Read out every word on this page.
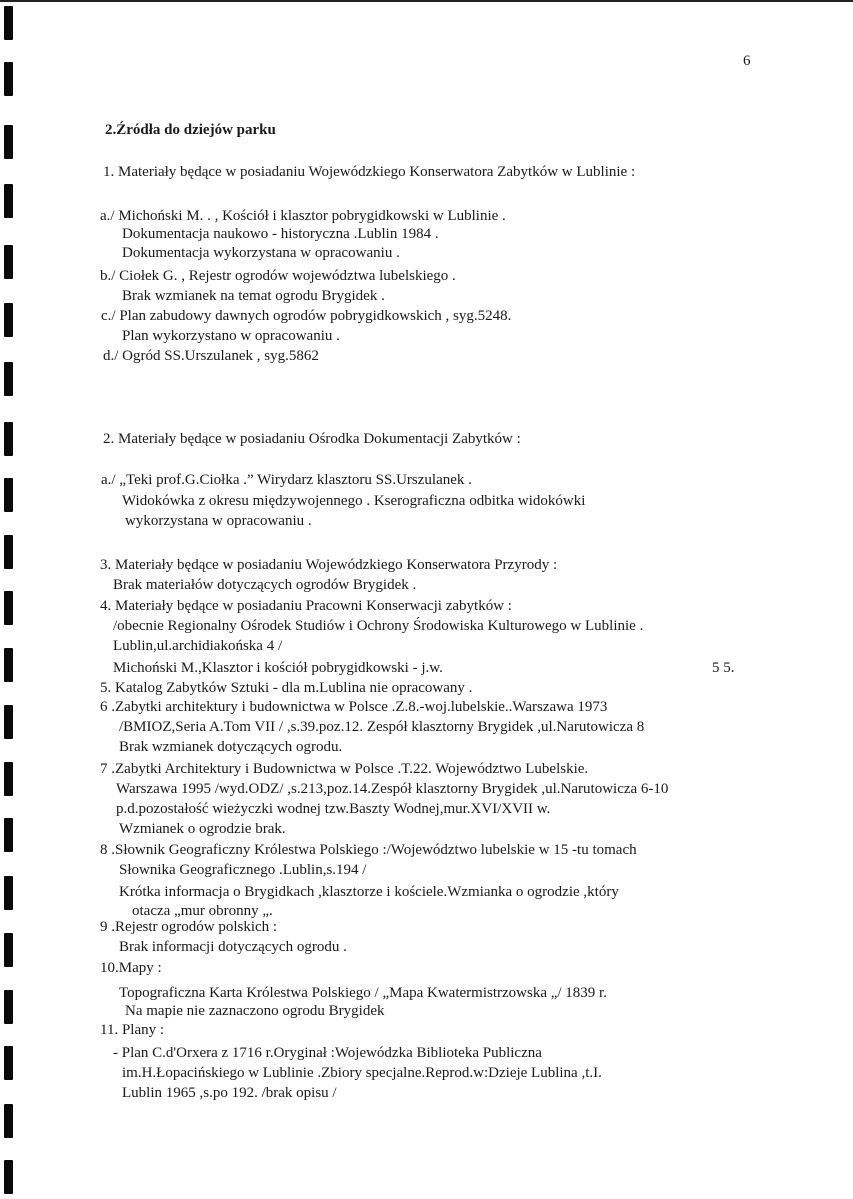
6
2.Źródła do dziejów parku
1. Materiały będące w posiadaniu Wojewódzkiego Konserwatora Zabytków w Lublinie :
a./ Michoński M. . , Kościół i klasztor pobrygidkowski w Lublinie .
Dokumentacja naukowo - historyczna .Lublin 1984 .
Dokumentacja wykorzystana w opracowaniu .
b./ Ciołek G. , Rejestr ogrodów województwa lubelskiego .
Brak wzmianek na temat ogrodu Brygidek .
c./ Plan zabudowy dawnych ogrodów pobrygidkowskich , syg.5248.
Plan wykorzystano w opracowaniu .
d./ Ogród SS.Urszulanek , syg.5862
2. Materiały będące w posiadaniu Ośrodka Dokumentacji Zabytków :
a./ „Teki prof.G.Ciołka .” Wirydarz klasztoru SS.Urszulanek .
Widokówka z okresu międzywojennego . Kserograficzna odbitka widokówki
wykorzystana w opracowaniu .
3. Materiały będące w posiadaniu Wojewódzkiego Konserwatora Przyrody :
Brak materiałów dotyczących ogrodów Brygidek .
4. Materiały będące w posiadaniu Pracowni Konserwacji zabytków :
/obecnie Regionalny Ośrodek Studiów i Ochrony Środowiska Kulturowego w Lublinie .
Lublin,ul.archidiakońska 4 /
Michoński M.,Klasztor i kościół pobrygidkowski - j.w.	5 5.
5. Katalog Zabytków Sztuki - dla m.Lublina nie opracowany .
6 .Zabytki architektury i budownictwa w Polsce .Z.8.-woj.lubelskie..Warszawa 1973
/BMIOZ,Seria A.Tom VII / ,s.39.poz.12. Zespół klasztorny Brygidek ,ul.Narutowicza 8
Brak wzmianek dotyczących ogrodu.
7 .Zabytki Architektury i Budownictwa w Polsce .T.22. Województwo Lubelskie.
Warszawa 1995 /wyd.ODZ/ ,s.213,poz.14.Zespół klasztorny Brygidek ,ul.Narutowicza 6-10
p.d.pozostałość wieżyczki wodnej tzw.Baszty Wodnej,mur.XVI/XVII w.
Wzmianek o ogrodzie brak.
8 .Słownik Geograficzny Królestwa Polskiego :/Województwo lubelskie w 15 -tu tomach
Słownika Geograficznego .Lublin,s.194 /
Krótka informacja o Brygidkach ,klasztorze i kościele.Wzmianka o ogrodzie ,który
otacza „mur obronny „.
9 .Rejestr ogrodów polskich :
Brak informacji dotyczących ogrodu .
10.Mapy :
Topograficzna Karta Królestwa Polskiego / „Mapa Kwatermistrzowska „/ 1839 r.
Na mapie nie zaznaczono ogrodu Brygidek
11. Plany :
- Plan C.d'Orxera z 1716 r.Oryginał :Wojewódzka Biblioteka Publiczna
im.H.Łopacińskiego w Lublinie .Zbiory specjalne.Reprod.w:Dzieje Lublina ,t.I.
Lublin 1965 ,s.po 192. /brak opisu /
